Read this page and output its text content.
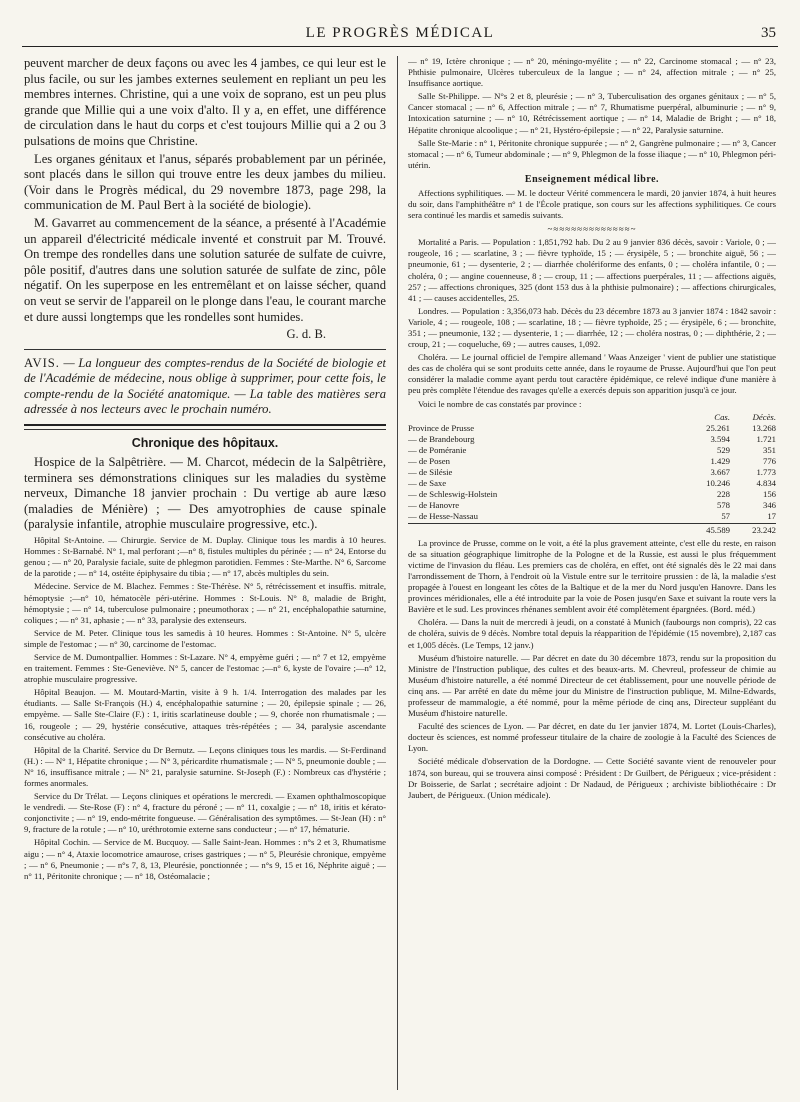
LE PROGRÈS MÉDICAL	35

peuvent marcher de deux façons ou avec les 4 jambes, ce qui leur est le plus facile, ou sur les jambes externes seulement en repliant un peu les membres internes. Christine, qui a une voix de soprano, est un peu plus grande que Millie qui a une voix d'alto. Il y a, en effet, une différence de circulation dans le haut du corps et c'est toujours Millie qui a 2 ou 3 pulsations de moins que Christine.

Les organes génitaux et l'anus, séparés probablement par un périnée, sont placés dans le sillon qui trouve entre les deux jambes du milieu. (Voir dans le Progrès médical, du 29 novembre 1873, page 298, la communication de M. Paul Bert à la société de biologie).

M. Gavarret au commencement de la séance, a présenté à l'Académie un appareil d'électricité médicale inventé et construit par M. Trouvé. On trempe des rondelles dans une solution saturée de sulfate de cuivre, pôle positif, d'autres dans une solution saturée de sulfate de zinc, pôle négatif. On les superpose en les entremêlant et on laisse sécher, quand on veut se servir de l'appareil on le plonge dans l'eau, le courant marche et dure aussi longtemps que les rondelles sont humides.

G. d. B.

AVIS. — La longueur des comptes-rendus de la Société de biologie et de l'Académie de médecine, nous oblige à supprimer, pour cette fois, le compte-rendu de la Société anatomique. — La table des matières sera adressée à nos lecteurs avec le prochain numéro.

Chronique des hôpitaux.

Hospice de la Salpêtrière. — M. Charcot, médecin de la Salpêtrière, terminera ses démonstrations cliniques sur les maladies du système nerveux, Dimanche 18 janvier prochain : Du vertige ab aure læso (maladies de Ménière) ; — Des amyotrophies de cause spinale (paralysie infantile, atrophie musculaire progressive, etc.).

Hôpital St-Antoine. — Chirurgie. Service de M. Duplay. Clinique tous les mardis à 10 heures. Hommes : St-Barnabé. N° 1, mal perforant ;—n° 8, fistules multiples du périnée ; — n° 24, Entorse du genou ; — n° 20, Paralysie faciale, suite de phlegmon parotidien. Femmes : Ste-Marthe. N° 6, Sarcome de la parotide ; — n° 14, ostéite épiphysaire du tibia ; — n° 17, abcès multiples du sein.

Médecine. Service de M. Blachez. Femmes : Ste-Thérèse. N° 5, rétrécissement et insuffis. mitrale, hémoptysie ;—n° 10, hématocèle péri-utérine. Hommes : St-Louis. N° 8, maladie de Bright, hémoptysie ; — n° 14, tuberculose pulmonaire ; pneumothorax ; — n° 21, encéphalopathie saturnine, coliques ; — n° 31, aphasie ; — n° 33, paralysie des extenseurs.

Service de M. Peter. Clinique tous les samedis à 10 heures. Hommes : St-Antoine. N° 5, ulcère simple de l'estomac ; — n° 30, carcinome de l'estomac.

Service de M. Dumontpallier. Hommes : St-Lazare. N° 4, empyème guéri ; — n° 7 et 12, empyème en traitement. Femmes : Ste-Geneviève. N° 5, cancer de l'estomac ;—n° 6, kyste de l'ovaire ;—n° 12, atrophie musculaire progressive.

Hôpital Beaujon. — M. Moutard-Martin, visite à 9 h. 1/4. Interrogation des malades par les étudiants. — Salle St-François (H.) 4, encéphalopathie saturnine ; — 20, épilepsie spinale ; — 26, empyème. — Salle Ste-Claire (F.) : 1, iritis scarlatineuse double ; — 9, chorée non rhumatismale ; — 16, rougeole ; — 29, hystérie consécutive, attaques très-répétées ; — 34, paralysie ascendante consécutive au choléra.

Hôpital de la Charité. Service du Dr Bernutz. — Leçons cliniques tous les mardis. — St-Ferdinand (H.) : — N° 1, Hépatite chronique ; — N° 3, péricardite rhumatismale ; — N° 5, pneumonie double ; — N° 16, insuffisance mitrale ; — N° 21, paralysie saturnine. St-Joseph (F.) : Nombreux cas d'hystérie ; formes anormales.

Service du Dr Trélat. — Leçons cliniques et opérations le mercredi. — Examen ophthalmoscopique le vendredi. — Ste-Rose (F) : n° 4, fracture du péroné ; — n° 11, coxalgie ; — n° 18, iritis et kérato-conjonctivite ; — n° 19, endo-métrite fongueuse. — Généralisation des symptômes. — St-Jean (H) : n° 9, fracture de la rotule ; — n° 10, uréthrotomie externe sans conducteur ; — n° 17, hématurie.

Hôpital Cochin. — Service de M. Bucquoy. — Salle Saint-Jean. Hommes : n°s 2 et 3, Rhumatisme aigu ; — n° 4, Ataxie locomotrice amaurose, crises gastriques ; — n° 5, Pleurésie chronique, empyème ; — n° 6, Pneumonie ; — n°s 7, 8, 13, Pleurésie, ponctionnée ; — n°s 9, 15 et 16, Néphrite aiguë ; — n° 11, Péritonite chronique ; — n° 18, Ostéomalacie ;

— n° 19, Ictère chronique ; — n° 20, méningo-myélite ; — n° 22, Carcinome stomacal ; — n° 23, Phthisie pulmonaire, Ulcères tuberculeux de la langue ; — n° 24, affection mitrale ; — n° 25, Insuffisance aortique.

Salle St-Philippe. — N°s 2 et 8, pleurésie ; — n° 3, Tuberculisation des organes génitaux ; — n° 5, Cancer stomacal ; — n° 6, Affection mitrale ; — n° 7, Rhumatisme puerpéral, albuminurie ; — n° 9, Intoxication saturnine ; — n° 10, Rétrécissement aortique ; — n° 14, Maladie de Bright ; — n° 18, Hépatite chronique alcoolique ; — n° 21, Hystéro-épilepsie ; — n° 22, Paralysie saturnine.

Salle Ste-Marie : n° 1, Péritonite chronique suppurée ; — n° 2, Gangrène pulmonaire ; — n° 3, Cancer stomacal ; — n° 6, Tumeur abdominale ; — n° 9, Phlegmon de la fosse iliaque ; — n° 10, Phlegmon péri-utérin.

Enseignement médical libre.

Affections syphilitiques. — M. le docteur Vérité commencera le mardi, 20 janvier 1874, à huit heures du soir, dans l'amphithéâtre n° 1 de l'École pratique, son cours sur les affections syphilitiques. Ce cours sera continué les mardis et samedis suivants.

~≈≈≈≈≈≈≈≈≈≈≈≈≈~

Mortalité a Paris. — Population : 1,851,792 hab. Du 2 au 9 janvier 836 décès, savoir : Variole, 0 ; — rougeole, 16 ; — scarlatine, 3 ; — fièvre typhoïde, 15 ; — érysipèle, 5 ; — bronchite aiguë, 56 ; — pneumonie, 61 ; — dysenterie, 2 ; — diarrhée cholériforme des enfants, 0 ; — choléra infantile, 0 ; — choléra, 0 ; — angine couenneuse, 8 ; — croup, 11 ; — affections puerpérales, 11 ; — affections aiguës, 257 ; — affections chroniques, 325 (dont 153 dus à la phthisie pulmonaire) ; — affections chirurgicales, 41 ; — causes accidentelles, 25.

Londres. — Population : 3,356,073 hab. Décès du 23 décembre 1873 au 3 janvier 1874 : 1842 savoir : Variole, 4 ; — rougeole, 108 ; — scarlatine, 18 ; — fièvre typhoïde, 25 ; — érysipèle, 6 ; — bronchite, 351 ; — pneumonie, 132 ; — dysenterie, 1 ; — diarrhée, 12 ; — choléra nostras, 0 ; — diphthérie, 2 ; — croup, 21 ; — coqueluche, 69 ; — autres causes, 1,092.

Choléra. — Le journal officiel de l'empire allemand ' Waas Anzeiger ' vient de publier une statistique des cas de choléra qui se sont produits cette année, dans le royaume de Prusse. Aujourd'hui que l'on peut considérer la maladie comme ayant perdu tout caractère épidémique, ce relevé indique d'une manière à peu près complète l'étendue des ravages qu'elle a exercés depuis son apparition jusqu'à ce jour.

Voici le nombre de cas constatés par province :

	Cas.	Décès.
Province de Prusse	25.261	13.268
— de Brandebourg	3.594	1.721
— de Poméranie	529	351
— de Posen	1.429	776
— de Silésie	3.667	1.773
— de Saxe	10.246	4.834
— de Schleswig-Holstein	228	156
— de Hanovre	578	346
— de Hesse-Nassau	57	17
	45.589	23.242

La province de Prusse, comme on le voit, a été la plus gravement atteinte, c'est elle du reste, en raison de sa situation géographique limitrophe de la Pologne et de la Russie, est aussi le plus fréquemment victime de l'invasion du fléau. Les premiers cas de choléra, en effet, ont été signalés dès le 22 mai dans l'arrondissement de Thorn, à l'endroit où la Vistule entre sur le territoire prussien : de là, la maladie s'est propagée à l'ouest en longeant les côtes de la Baltique et de la mer du Nord jusqu'en Hanovre. Dans les provinces méridionales, elle a été introduite par la voie de Posen jusqu'en Saxe et suivant la route vers la Bavière et le sud. Les provinces rhénanes semblent avoir été complètement épargnées. (Bord. méd.)

Choléra. — Dans la nuit de mercredi à jeudi, on a constaté à Munich (faubourgs non compris), 22 cas de choléra, suivis de 9 décès. Nombre total depuis la réapparition de l'épidémie (15 novembre), 2,187 cas et 1,005 décès. (Le Temps, 12 janv.)

Muséum d'histoire naturelle. — Par décret en date du 30 décembre 1873, rendu sur la proposition du Ministre de l'Instruction publique, des cultes et des beaux-arts. M. Chevreul, professeur de chimie au Muséum d'histoire naturelle, a été nommé Directeur de cet établissement, pour une nouvelle période de cinq ans. — Par arrêté en date du même jour du Ministre de l'instruction publique, M. Milne-Edwards, professeur de mammalogie, a été nommé, pour la même période de cinq ans, Directeur suppléant du Muséum d'histoire naturelle.

Faculté des sciences de Lyon. — Par décret, en date du 1er janvier 1874, M. Lortet (Louis-Charles), docteur ès sciences, est nommé professeur titulaire de la chaire de zoologie à la Faculté des Sciences de Lyon.

Société médicale d'observation de la Dordogne. — Cette Société savante vient de renouveler pour 1874, son bureau, qui se trouvera ainsi composé : Président : Dr Guilbert, de Périgueux ; vice-président : Dr Boisserie, de Sarlat ; secrétaire adjoint : Dr Nadaud, de Périgueux ; archiviste bibliothécaire : Dr Jaubert, de Périgueux. (Union médicale).
